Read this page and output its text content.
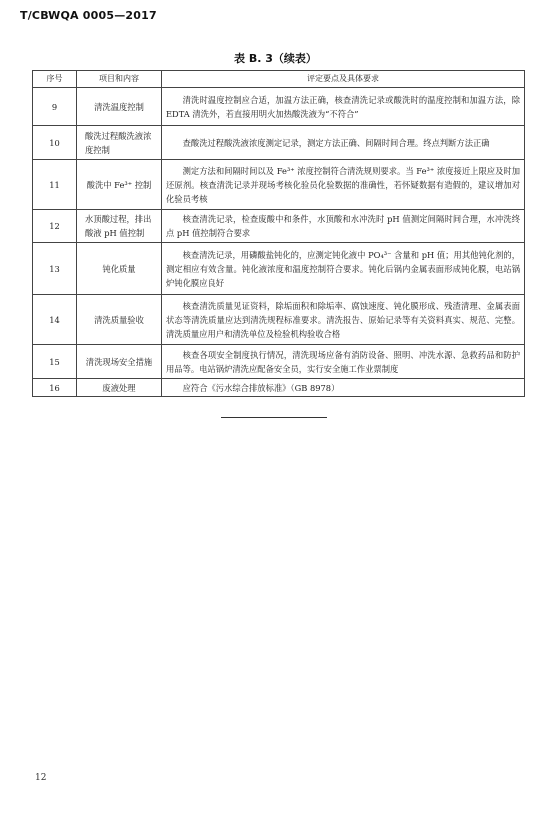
T/CBWQA 0005—2017
表 B. 3（续表）
序号	项目和内容	评定要点及具体要求
9	清洗温度控制	清洗时温度控制应合适，加温方法正确，核查清洗记录或酸洗时的温度控制和加温方法，除 EDTA 清洗外，若直接用明火加热酸洗液为“不符合”
10	酸洗过程酸洗液浓度控制	查酸洗过程酸洗液浓度测定记录，测定方法正确、间隔时间合理。终点判断方法正确
11	酸洗中 Fe³⁺ 控制	测定方法和间隔时间以及 Fe³⁺ 浓度控制符合清洗规则要求。当 Fe³⁺ 浓度接近上限应及时加还原剂。核查清洗记录并现场考核化验员化验数据的准确性，若怀疑数据有造假的，建议增加对化验员考核
12	水顶酸过程，排出酸液 pH 值控制	核查清洗记录，检查废酸中和条件，水顶酸和水冲洗时 pH 值测定间隔时间合理，水冲洗终点 pH 值控制符合要求
13	钝化质量	核查清洗记录，用磷酸盐钝化的，应测定钝化液中 PO₄³⁻ 含量和 pH 值；用其他钝化剂的，测定相应有效含量。钝化液浓度和温度控制符合要求。钝化后锅内金属表面形成钝化膜，电站锅炉钝化膜应良好
14	清洗质量验收	核查清洗质量见证资料，除垢面积和除垢率、腐蚀速度、钝化膜形成、残渣清理、金属表面状态等清洗质量应达到清洗规程标准要求。清洗报告、原始记录等有关资料真实、规范、完整。清洗质量应用户和清洗单位及检验机构验收合格
15	清洗现场安全措施	核查各项安全制度执行情况，清洗现场应备有消防设备、照明、冲洗水源、急救药品和防护用品等。电站锅炉清洗应配备安全员，实行安全施工作业票制度
16	废液处理	应符合《污水综合排放标准》（GB 8978）
12
